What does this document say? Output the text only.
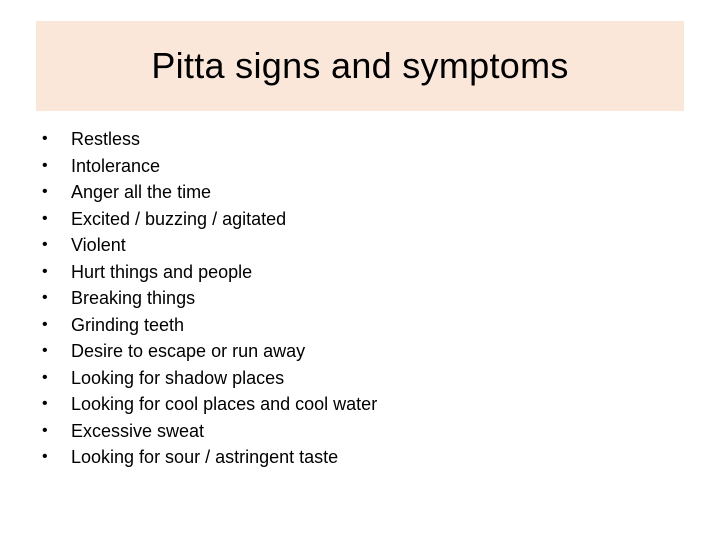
Pitta signs and symptoms
•	Restless
•	Intolerance
•	Anger all the time
•	Excited / buzzing / agitated
•	Violent
•	Hurt things and people
•	Breaking things
•	Grinding teeth
•	Desire to escape or run away
•	Looking for shadow places
•	Looking for cool places and cool water
•	Excessive sweat
•	Looking for sour / astringent taste
